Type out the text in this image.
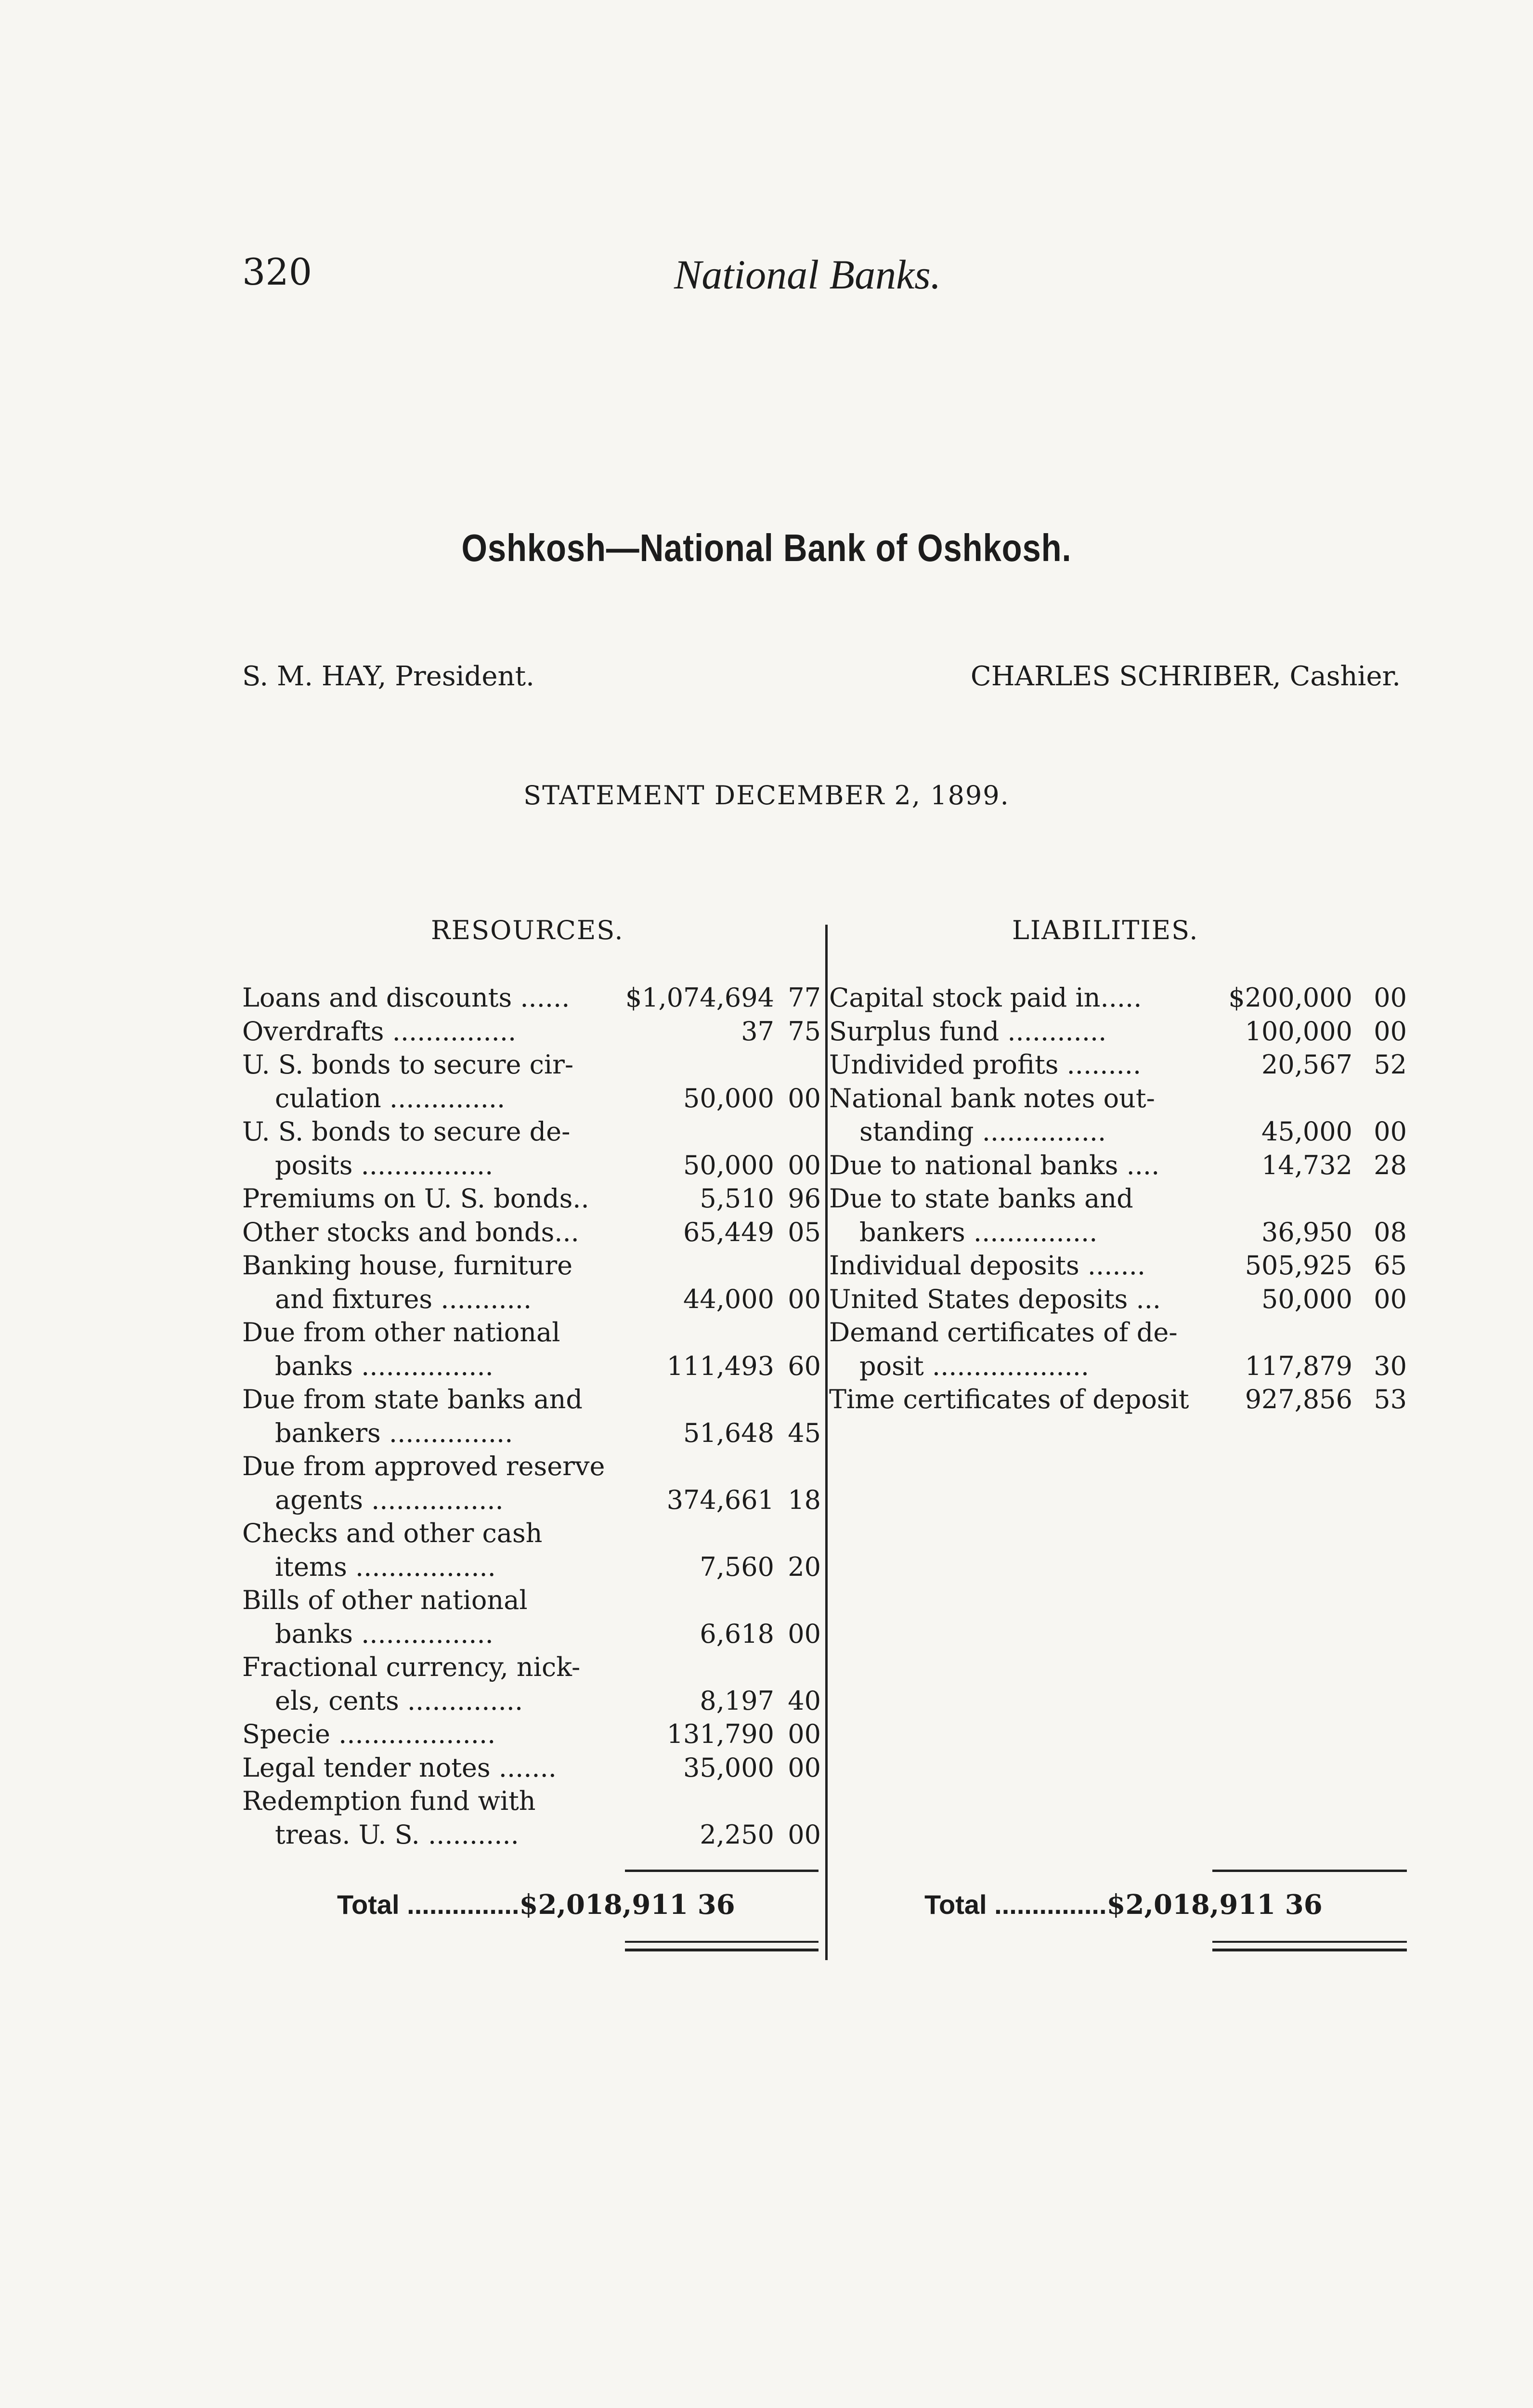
320	National Banks.
Oshkosh—National Bank of Oshkosh.
S. M. HAY, President.	CHARLES SCHRIBER, Cashier.
STATEMENT DECEMBER 2, 1899.
RESOURCES.	LIABILITIES.
Loans and discounts ...... $1,074,694 77
Overdrafts ...............	37 75
U. S. bonds to secure cir-
culation ..............	50,000 00
U. S. bonds to secure de-
posits ................	50,000 00
Premiums on U. S. bonds..	5,510 96
Other stocks and bonds...	65,449 05
Banking house, furniture
and fixtures ...........	44,000 00
Due from other national
banks ................	111,493 60
Due from state banks and
bankers ...............	51,648 45
Due from approved reserve
agents ................	374,661 18
Checks and other cash
items .................	7,560 20
Bills of other national
banks ................	6,618 00
Fractional currency, nick-
els, cents ..............	8,197 40
Specie ...................	131,790 00
Legal tender notes .......	35,000 00
Redemption fund with
treas. U. S. ...........	2,250 00
Capital stock paid in.....	$200,000 00
Surplus fund ............	100,000 00
Undivided profits .........	20,567 52
National bank notes out-
standing ...............	45,000 00
Due to national banks ....	14,732 28
Due to state banks and
bankers ...............	36,950 08
Individual deposits .......	505,925 65
United States deposits ...	50,000 00
Demand certificates of de-
posit ...................	117,879 30
Time certificates of deposit 927,856 53
Total ...............$2,018,911 36	Total ...............$2,018,911 36
